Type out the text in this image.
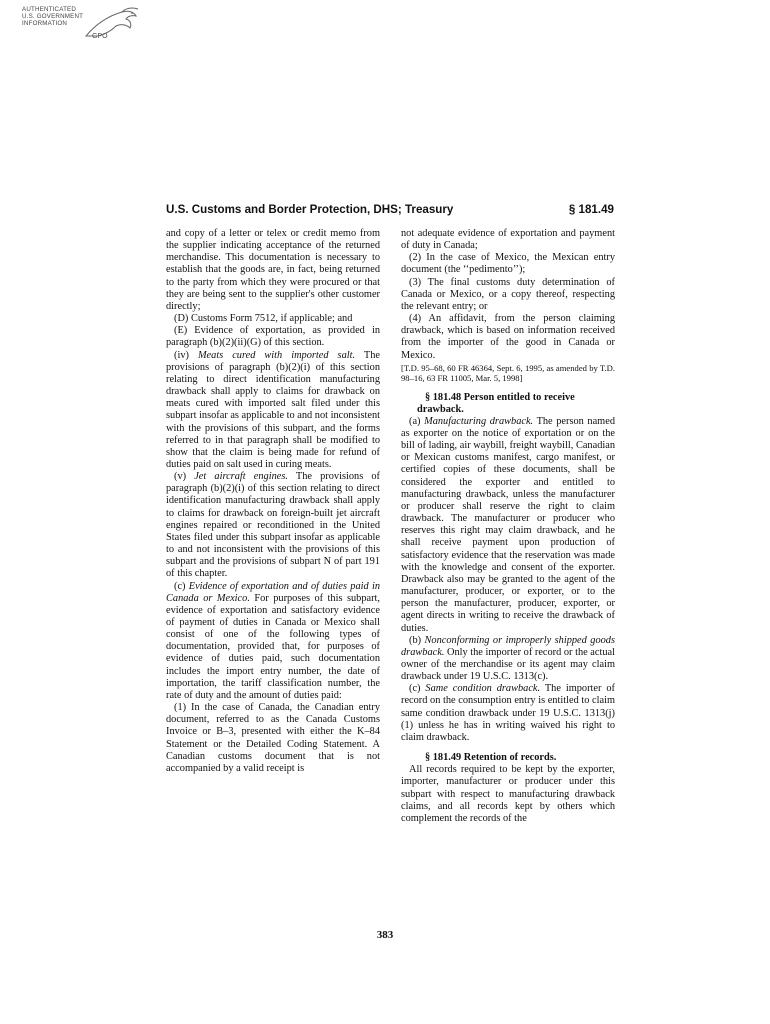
AUTHENTICATED
U.S. GOVERNMENT
INFORMATION
GPO
U.S. Customs and Border Protection, DHS; Treasury	§ 181.49

and copy of a letter or telex or credit memo from the supplier indicating acceptance of the returned merchandise. This documentation is necessary to establish that the goods are, in fact, being returned to the party from which they were procured or that they are being sent to the supplier's other customer directly;

(D) Customs Form 7512, if applicable; and

(E) Evidence of exportation, as provided in paragraph (b)(2)(ii)(G) of this section.

(iv) Meats cured with imported salt. The provisions of paragraph (b)(2)(i) of this section relating to direct identification manufacturing drawback shall apply to claims for drawback on meats cured with imported salt filed under this subpart insofar as applicable to and not inconsistent with the provisions of this subpart, and the forms referred to in that paragraph shall be modified to show that the claim is being made for refund of duties paid on salt used in curing meats.

(v) Jet aircraft engines. The provisions of paragraph (b)(2)(i) of this section relating to direct identification manufacturing drawback shall apply to claims for drawback on foreign-built jet aircraft engines repaired or reconditioned in the United States filed under this subpart insofar as applicable to and not inconsistent with the provisions of this subpart and the provisions of subpart N of part 191 of this chapter.

(c) Evidence of exportation and of duties paid in Canada or Mexico. For purposes of this subpart, evidence of exportation and satisfactory evidence of payment of duties in Canada or Mexico shall consist of one of the following types of documentation, provided that, for purposes of evidence of duties paid, such documentation includes the import entry number, the date of importation, the tariff classification number, the rate of duty and the amount of duties paid:

(1) In the case of Canada, the Canadian entry document, referred to as the Canada Customs Invoice or B–3, presented with either the K–84 Statement or the Detailed Coding Statement. A Canadian customs document that is not accompanied by a valid receipt is

not adequate evidence of exportation and payment of duty in Canada;

(2) In the case of Mexico, the Mexican entry document (the ‘‘pedimento’’);

(3) The final customs duty determination of Canada or Mexico, or a copy thereof, respecting the relevant entry; or

(4) An affidavit, from the person claiming drawback, which is based on information received from the importer of the good in Canada or Mexico.

[T.D. 95–68, 60 FR 46364, Sept. 6, 1995, as amended by T.D. 98–16, 63 FR 11005, Mar. 5, 1998]

§ 181.48 Person entitled to receive drawback.

(a) Manufacturing drawback. The person named as exporter on the notice of exportation or on the bill of lading, air waybill, freight waybill, Canadian or Mexican customs manifest, cargo manifest, or certified copies of these documents, shall be considered the exporter and entitled to manufacturing drawback, unless the manufacturer or producer shall reserve the right to claim drawback. The manufacturer or producer who reserves this right may claim drawback, and he shall receive payment upon production of satisfactory evidence that the reservation was made with the knowledge and consent of the exporter. Drawback also may be granted to the agent of the manufacturer, producer, or exporter, or to the person the manufacturer, producer, exporter, or agent directs in writing to receive the drawback of duties.

(b) Nonconforming or improperly shipped goods drawback. Only the importer of record or the actual owner of the merchandise or its agent may claim drawback under 19 U.S.C. 1313(c).

(c) Same condition drawback. The importer of record on the consumption entry is entitled to claim same condition drawback under 19 U.S.C. 1313(j)(1) unless he has in writing waived his right to claim drawback.

§ 181.49 Retention of records.

All records required to be kept by the exporter, importer, manufacturer or producer under this subpart with respect to manufacturing drawback claims, and all records kept by others which complement the records of the

383
